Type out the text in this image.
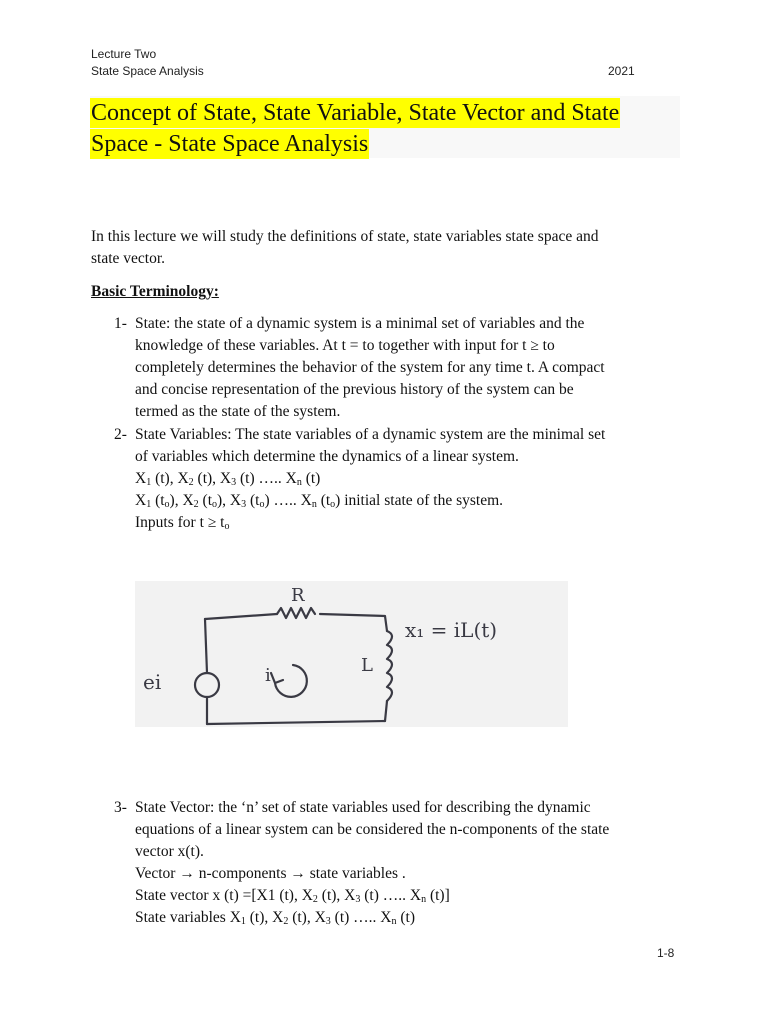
Lecture Two
State Space Analysis	2021
Concept of State, State Variable, State Vector and State
Space - State Space Analysis
In this lecture we will study the definitions of state, state variables state space and
state vector.
Basic Terminology:
1- State: the state of a dynamic system is a minimal set of variables and the
knowledge of these variables. At t = to together with input for t ≥ to
completely determines the behavior of the system for any time t. A compact
and concise representation of the previous history of the system can be
termed as the state of the system.
2- State Variables: The state variables of a dynamic system are the minimal set
of variables which determine the dynamics of a linear system.
$X_1$ (t), $X_2$ (t), $X_3$ (t) ….. $X_n$ (t)
$X_1$ $(t_o)$, $X_2$ $(t_o)$, $X_3$ $(t_o)$ ….. $X_n$ $(t_o)$ initial state of the system.
Inputs for $t \ge t_o$
R
L
i
ei
x₁ = iL(t)
3- State Vector: the ‘n’ set of state variables used for describing the dynamic
equations of a linear system can be considered the n-components of the state
vector x(t).
Vector → n-components → state variables .
State vector x (t) =[X1 (t), $X_2$ (t), $X_3$ (t) ….. $X_n$ (t)]
State variables $X_1$ (t), $X_2$ (t), $X_3$ (t) ….. $X_n$ (t)
1-8
